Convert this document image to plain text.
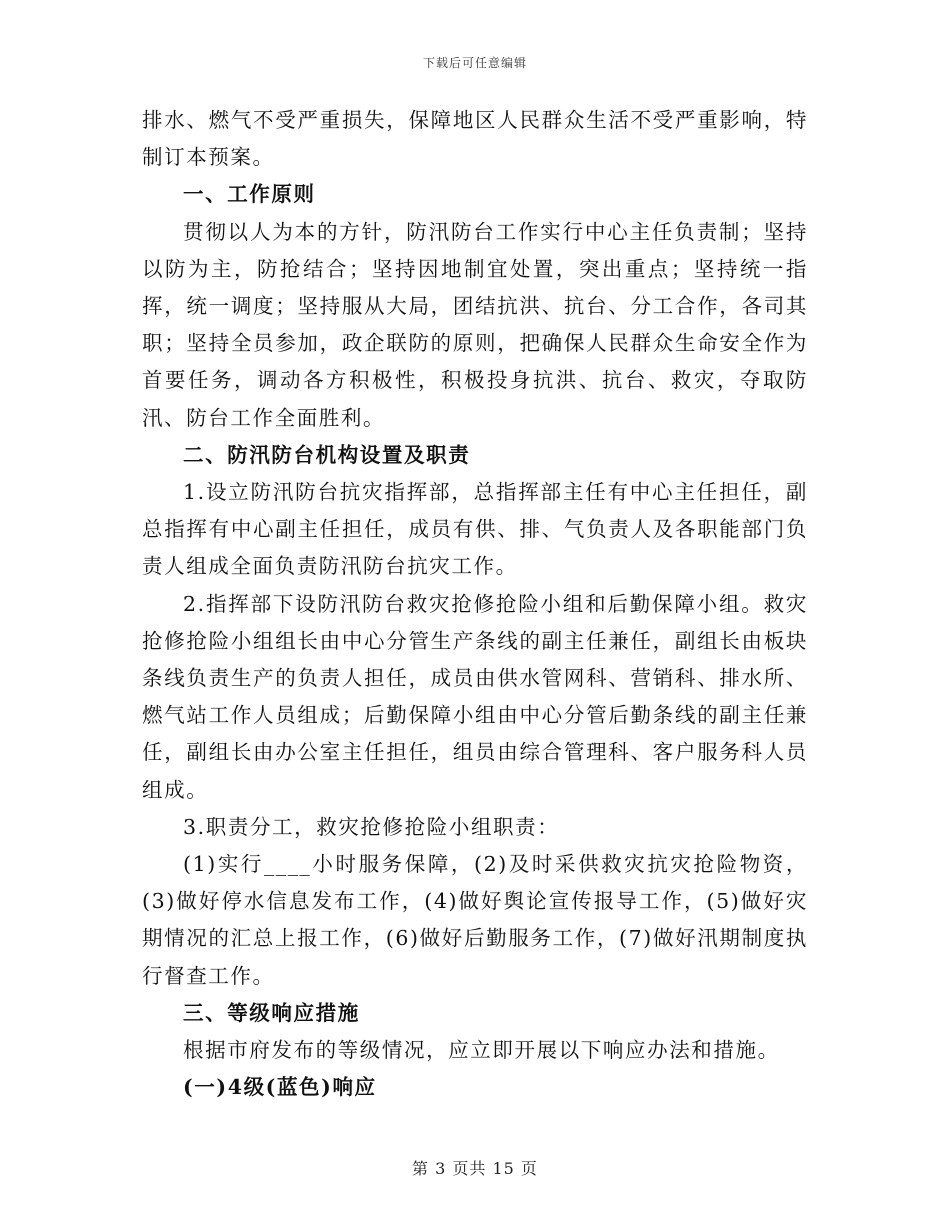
下载后可任意编辑

排水、燃气不受严重损失，保障地区人民群众生活不受严重影响，特制订本预案。

一、工作原则

贯彻以人为本的方针，防汛防台工作实行中心主任负责制；坚持以防为主，防抢结合；坚持因地制宜处置，突出重点；坚持统一指挥，统一调度；坚持服从大局，团结抗洪、抗台、分工合作，各司其职；坚持全员参加，政企联防的原则，把确保人民群众生命安全作为首要任务，调动各方积极性，积极投身抗洪、抗台、救灾，夺取防汛、防台工作全面胜利。

二、防汛防台机构设置及职责

1.设立防汛防台抗灾指挥部，总指挥部主任有中心主任担任，副总指挥有中心副主任担任，成员有供、排、气负责人及各职能部门负责人组成全面负责防汛防台抗灾工作。

2.指挥部下设防汛防台救灾抢修抢险小组和后勤保障小组。救灾抢修抢险小组组长由中心分管生产条线的副主任兼任，副组长由板块条线负责生产的负责人担任，成员由供水管网科、营销科、排水所、燃气站工作人员组成；后勤保障小组由中心分管后勤条线的副主任兼任，副组长由办公室主任担任，组员由综合管理科、客户服务科人员组成。

3.职责分工，救灾抢修抢险小组职责：

(1)实行____小时服务保障，(2)及时采供救灾抗灾抢险物资，(3)做好停水信息发布工作，(4)做好舆论宣传报导工作，(5)做好灾期情况的汇总上报工作，(6)做好后勤服务工作，(7)做好汛期制度执行督查工作。

三、等级响应措施

根据市府发布的等级情况，应立即开展以下响应办法和措施。

(一)4级(蓝色)响应

第 3 页共 15 页
